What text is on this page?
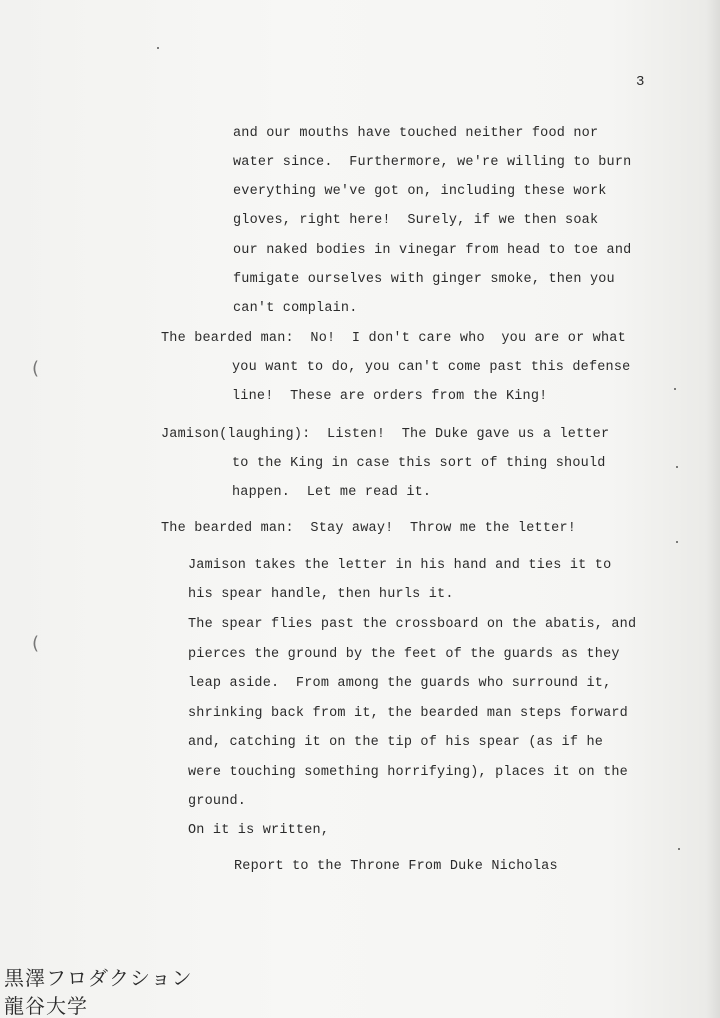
3
and our mouths have touched neither food nor
water since.  Furthermore, we're willing to burn
everything we've got on, including these work
gloves, right here!  Surely, if we then soak
our naked bodies in vinegar from head to toe and
fumigate ourselves with ginger smoke, then you
can't complain.
The bearded man:  No!  I don't care who  you are or what
you want to do, you can't come past this defense
line!  These are orders from the King!
Jamison(laughing):  Listen!  The Duke gave us a letter
to the King in case this sort of thing should
happen.  Let me read it.
The bearded man:  Stay away!  Throw me the letter!
Jamison takes the letter in his hand and ties it to
his spear handle, then hurls it.
The spear flies past the crossboard on the abatis, and
pierces the ground by the feet of the guards as they
leap aside.  From among the guards who surround it,
shrinking back from it, the bearded man steps forward
and, catching it on the tip of his spear (as if he
were touching something horrifying), places it on the
ground.
On it is written,
Report to the Throne From Duke Nicholas
(
(
黒澤フロダクション
龍谷大学
